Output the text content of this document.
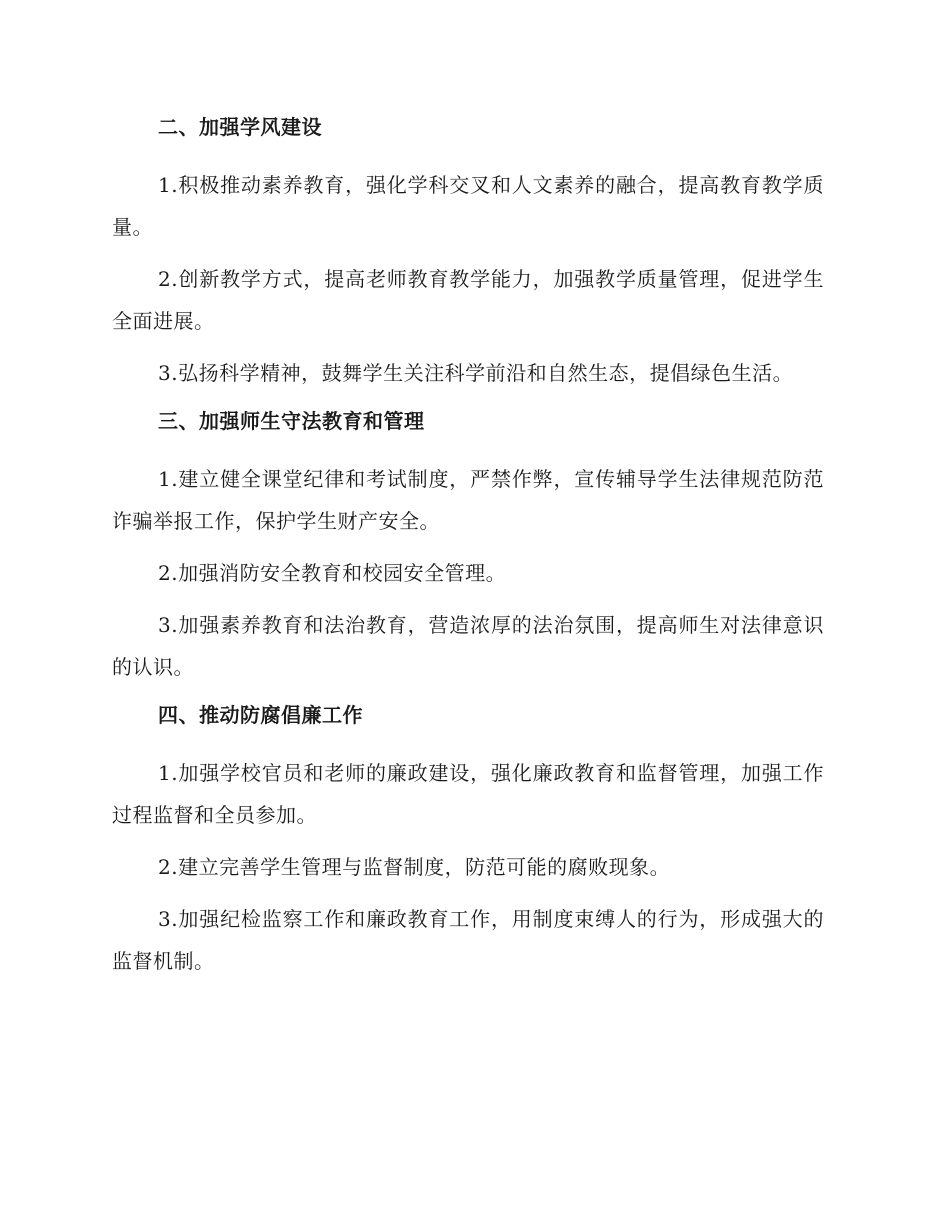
二、加强学风建设

1.积极推动素养教育，强化学科交叉和人文素养的融合，提高教育教学质量。

2.创新教学方式，提高老师教育教学能力，加强教学质量管理，促进学生全面进展。

3.弘扬科学精神，鼓舞学生关注科学前沿和自然生态，提倡绿色生活。

三、加强师生守法教育和管理

1.建立健全课堂纪律和考试制度，严禁作弊，宣传辅导学生法律规范防范诈骗举报工作，保护学生财产安全。

2.加强消防安全教育和校园安全管理。

3.加强素养教育和法治教育，营造浓厚的法治氛围，提高师生对法律意识的认识。

四、推动防腐倡廉工作

1.加强学校官员和老师的廉政建设，强化廉政教育和监督管理，加强工作过程监督和全员参加。

2.建立完善学生管理与监督制度，防范可能的腐败现象。

3.加强纪检监察工作和廉政教育工作，用制度束缚人的行为，形成强大的监督机制。
